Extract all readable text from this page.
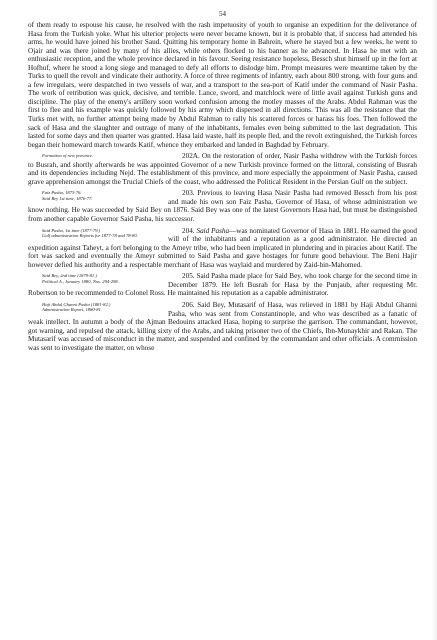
54

of them ready to espouse his cause, he resolved with the rash impetuosity of youth to organise an expedition for the deliverance of Hasa from the Turkish yoke. What his ulterior projects were never became known, but it is probable that, if success had attended his arms, he would have joined his brother Saud. Quitting his temporary home in Bahrein, where he stayed but a few weeks, he went to Ojair and was there joined by many of his allies, while others flocked to his banner as he advanced. In Hasa he met with an enthusiastic reception, and the whole province declared in his favour. Seeing resistance hopeless, Bessch shut himself up in the fort at Hofhuf, where he stood a long siege and managed to defy all efforts to dislodge him. Prompt measures were meantime taken by the Turks to quell the revolt and vindicate their authority. A force of three regiments of infantry, each about 800 strong, with four guns and a few irregulars, were despatched in two vessels of war, and a transport to the sea-port of Katif under the command of Nasir Pasha. The work of retribution was quick, decisive, and terrible. Lance, sword, and matchlock were of little avail against Turkish guns and discipline. The play of the enemy's artillery soon worked confusion among the motley masses of the Arabs. Abdul Rahman was the first to flee and his example was quickly followed by his army which dispersed in all directions. This was all the resistance that the Turks met with, no further attempt being made by Abdul Rahman to rally his scattered forces or harass his foes. Then followed the sack of Hasa and the slaughter and outrage of many of the inhabitants, females even being submitted to the last degradation. This lasted for some days and then quarter was granted. Hasa laid waste, half its people fled, and the revolt extinguished, the Turkish forces began their homeward march towards Katif, whence they embarked and landed in Baghdad by February.

202A.
Formation of new province.	On the restoration of order, Nasir Pasha withdrew with the Turkish forces to Busrah, and shortly afterwards he was appointed Governor of a new Turkish province formed on the littoral, consisting of Busrah and its dependencies including Nejd. The establishment of this province, and more especially the appointment of Nasir Pasha, caused grave apprehension amongst the Trucial Chiefs of the coast, who addressed the Political Resident in the Persian Gulf on the subject.

203.
Faiz Pasha, 1873-76.
Said Bey 1st time, 1876-77.
Previous to leaving Hasa Nasir Pasha had removed Bessch from his post and made his own son Faiz Pasha, Governor of Hasa, of whose administration we know nothing. He was succeeded by Said Bey on 1876. Said Bey was one of the latest Governors Hasa had, but must be distinguished from another capable Governor Said Pasha, his successor.

204. Said Pasha
Said Pasha, 1st time (1877-79.)
Gulf administration Reports for 1877-78 and 78-80.
—was nominated Governor of Hasa in 1881. He earned the good will of the inhabitants and a reputation as a good administrator. He directed an expedition against Taheyt, a fort belonging to the Ameyr tribe, who had been implicated in plundering and in piracies about Katif. The fort was sacked and eventually the Ameyr submitted to Said Pasha and gave hostages for future good behaviour. The Beni Hajir however defied his authority and a respectable merchant of Hasa was waylaid and murdered by Zaid-bin-Mahomed.

205.
Said Bey, 2nd time (1879-81.)
Political A., January 1880, Nos. 294-298.
Said Pasha made place for Said Bey, who took charge for the second time in December 1879. He left Busrah for Hasa by the Punjaub, after requesting Mr. Robertson to be recommended to Colonel Ross. He maintained his reputation as a capable administrator.

206.
Haji Abdul Ghanni Pasha (1881-82.)
Administration Report, 1880-81.
Said Bey, Mutasarif of Hasa, was relieved in 1881 by Haji Abdul Ghanni Pasha, who was sent from Constantinople, and who was described as a fanatic of weak intellect. In autumn a body of the Ajman Bedouins attacked Hasa, hoping to surprise the garrison. The commandant, however, got warning, and repulsed the attack, killing sixty of the Arabs, and taking prisoner two of the Chiefs, Ibn-Munaykhir and Rakan. The Mutasarif was accused of misconduct in the matter, and suspended and confined by the commandant and other officials. A commission was sent to investigate the matter, on whose
